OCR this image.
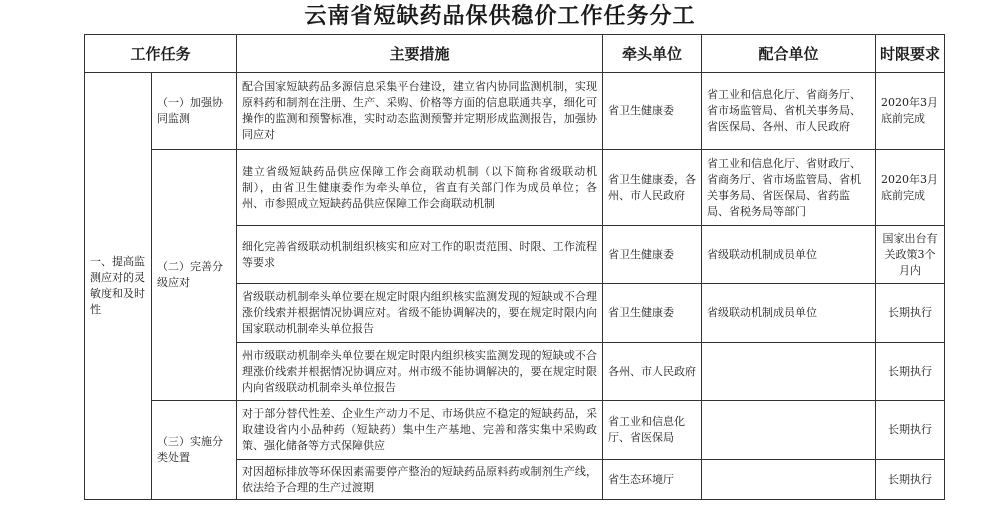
云南省短缺药品保供稳价工作任务分工
工作任务		主要措施	牵头单位	配合单位	时限要求
一、提高监测应对的灵敏度和及时性	（一）加强协同监测	配合国家短缺药品多源信息采集平台建设，建立省内协同监测机制，实现原料药和制剂在注册、生产、采购、价格等方面的信息联通共享，细化可操作的监测和预警标准，实时动态监测预警并定期形成监测报告，加强协同应对	省卫生健康委	省工业和信息化厅、省商务厅、省市场监管局、省机关事务局、省医保局、各州、市人民政府	2020年3月底前完成
	（二）完善分级应对	建立省级短缺药品供应保障工作会商联动机制（以下简称省级联动机制），由省卫生健康委作为牵头单位，省直有关部门作为成员单位；各州、市参照成立短缺药品供应保障工作会商联动机制	省卫生健康委，各州、市人民政府	省工业和信息化厅、省财政厅、省商务厅、省市场监管局、省机关事务局、省医保局、省药监局、省税务局等部门	2020年3月底前完成
		细化完善省级联动机制组织核实和应对工作的职责范围、时限、工作流程等要求	省卫生健康委	省级联动机制成员单位	国家出台有关政策3个月内
		省级联动机制牵头单位要在规定时限内组织核实监测发现的短缺或不合理涨价线索并根据情况协调应对。省级不能协调解决的，要在规定时限内向国家联动机制牵头单位报告	省卫生健康委	省级联动机制成员单位	长期执行
		州市级联动机制牵头单位要在规定时限内组织核实监测发现的短缺或不合理涨价线索并根据情况协调应对。州市级不能协调解决的，要在规定时限内向省级联动机制牵头单位报告	各州、市人民政府		长期执行
	（三）实施分类处置	对于部分替代性差、企业生产动力不足、市场供应不稳定的短缺药品，采取建设省内小品种药（短缺药）集中生产基地、完善和落实集中采购政策、强化储备等方式保障供应	省工业和信息化厅、省医保局		长期执行
		对因超标排放等环保因素需要停产整治的短缺药品原料药或制剂生产线，依法给予合理的生产过渡期	省生态环境厅		长期执行
